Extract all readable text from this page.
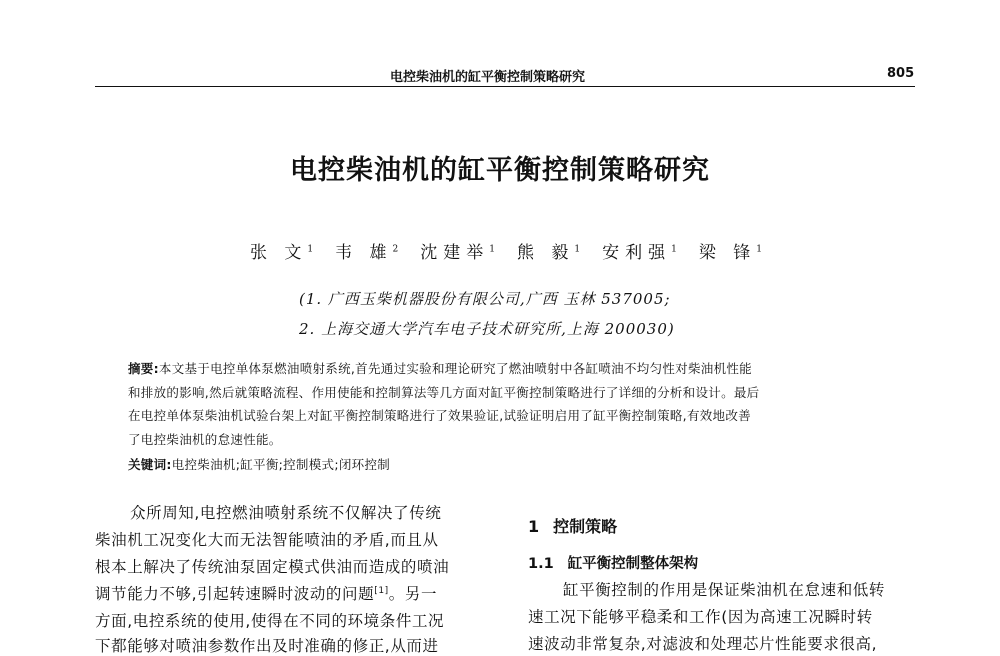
电控柴油机的缸平衡控制策略研究	805
电控柴油机的缸平衡控制策略研究
张 文$^1$ 韦 雄$^2$ 沈建举$^1$ 熊 毅$^1$ 安利强$^1$ 梁 锋$^1$
(1. 广西玉柴机器股份有限公司,广西 玉林 537005;
2. 上海交通大学汽车电子技术研究所,上海 200030)
摘要:本文基于电控单体泵燃油喷射系统,首先通过实验和理论研究了燃油喷射中各缸喷油不均匀性对柴油机性能
和排放的影响,然后就策略流程、作用使能和控制算法等几方面对缸平衡控制策略进行了详细的分析和设计。最后
在电控单体泵柴油机试验台架上对缸平衡控制策略进行了效果验证,试验证明启用了缸平衡控制策略,有效地改善
了电控柴油机的怠速性能。
关键词:电控柴油机;缸平衡;控制模式;闭环控制
众所周知,电控燃油喷射系统不仅解决了传统
柴油机工况变化大而无法智能喷油的矛盾,而且从
根本上解决了传统油泵固定模式供油而造成的喷油
调节能力不够,引起转速瞬时波动的问题[1]。另一
方面,电控系统的使用,使得在不同的环境条件工况
下都能够对喷油参数作出及时准确的修正,从而进
1 控制策略
1.1 缸平衡控制整体架构
缸平衡控制的作用是保证柴油机在怠速和低转
速工况下能够平稳柔和工作(因为高速工况瞬时转
速波动非常复杂,对滤波和处理芯片性能要求很高,
